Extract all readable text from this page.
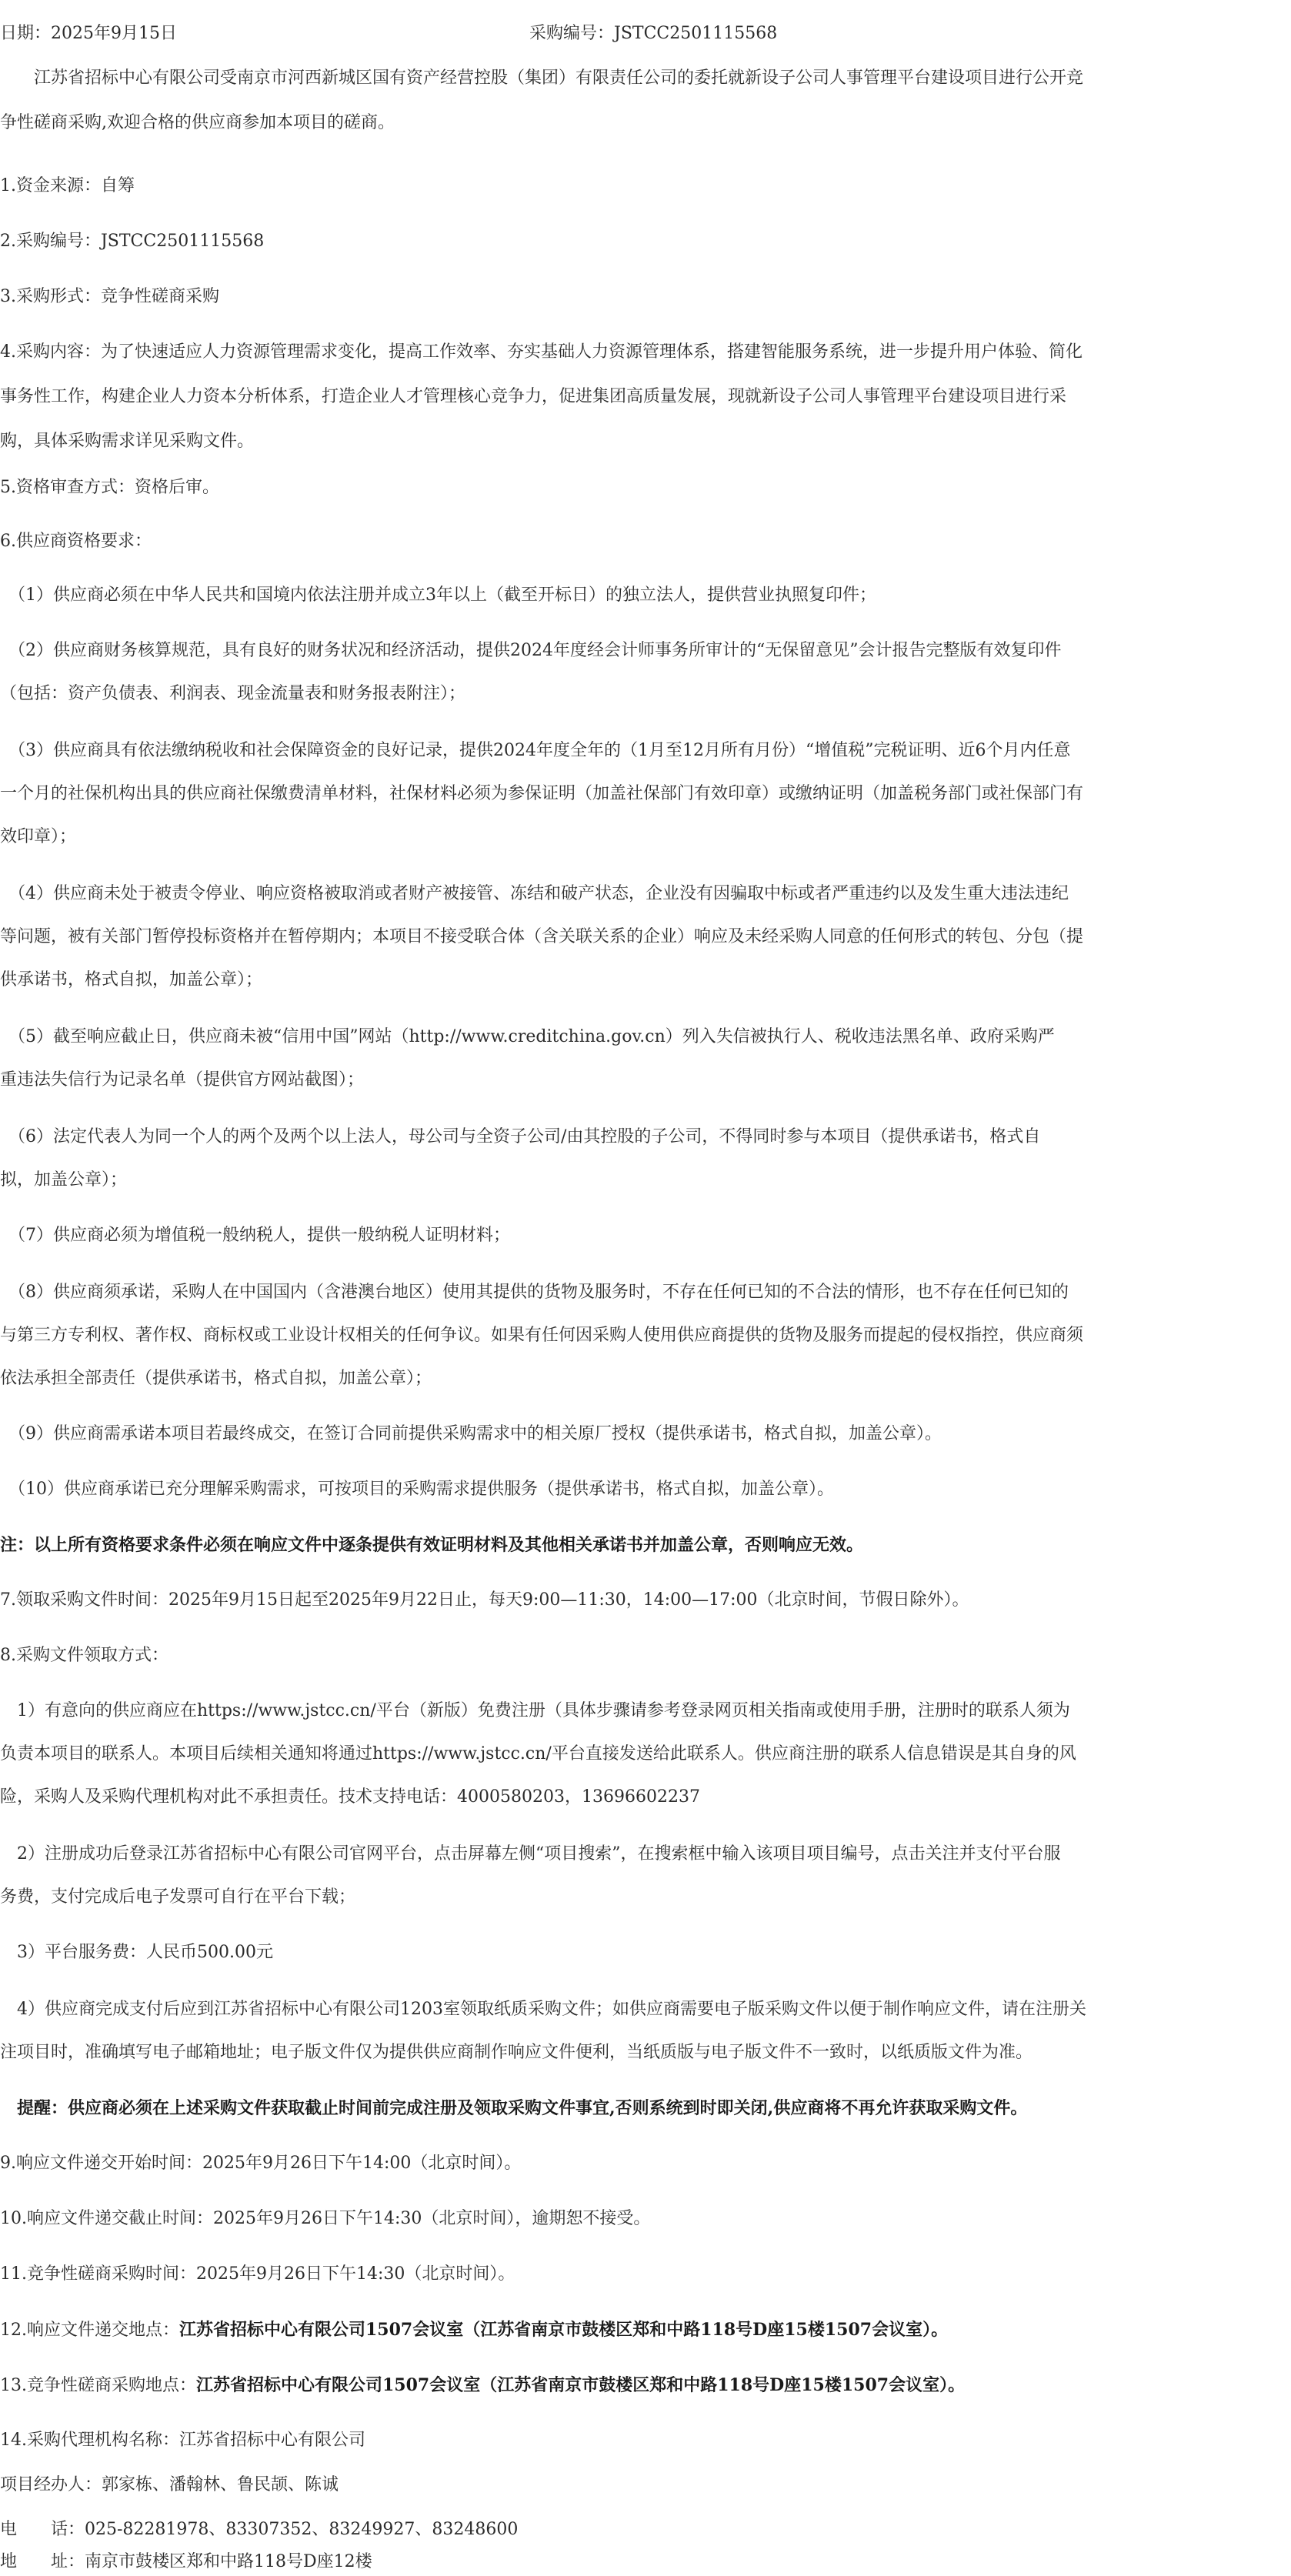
日期：2025年9月15日	采购编号：JSTCC2501115568

　　江苏省招标中心有限公司受南京市河西新城区国有资产经营控股（集团）有限责任公司的委托就新设子公司人事管理平台建设项目进行公开竞

争性磋商采购,欢迎合格的供应商参加本项目的磋商。

1.资金来源：自筹

2.采购编号：JSTCC2501115568

3.采购形式：竞争性磋商采购

4.采购内容：为了快速适应人力资源管理需求变化，提高工作效率、夯实基础人力资源管理体系，搭建智能服务系统，进一步提升用户体验、简化

事务性工作，构建企业人力资本分析体系，打造企业人才管理核心竞争力，促进集团高质量发展，现就新设子公司人事管理平台建设项目进行采

购，具体采购需求详见采购文件。

5.资格审查方式：资格后审。

6.供应商资格要求：

　（1）供应商必须在中华人民共和国境内依法注册并成立3年以上（截至开标日）的独立法人，提供营业执照复印件；

　（2）供应商财务核算规范，具有良好的财务状况和经济活动，提供2024年度经会计师事务所审计的“无保留意见”会计报告完整版有效复印件

（包括：资产负债表、利润表、现金流量表和财务报表附注）；

　（3）供应商具有依法缴纳税收和社会保障资金的良好记录，提供2024年度全年的（1月至12月所有月份）“增值税”完税证明、近6个月内任意

一个月的社保机构出具的供应商社保缴费清单材料，社保材料必须为参保证明（加盖社保部门有效印章）或缴纳证明（加盖税务部门或社保部门有

效印章）；

　（4）供应商未处于被责令停业、响应资格被取消或者财产被接管、冻结和破产状态，企业没有因骗取中标或者严重违约以及发生重大违法违纪

等问题，被有关部门暂停投标资格并在暂停期内；本项目不接受联合体（含关联关系的企业）响应及未经采购人同意的任何形式的转包、分包（提

供承诺书，格式自拟，加盖公章）；

　（5）截至响应截止日，供应商未被“信用中国”网站（http://www.creditchina.gov.cn）列入失信被执行人、税收违法黑名单、政府采购严

重违法失信行为记录名单（提供官方网站截图）；

　（6）法定代表人为同一个人的两个及两个以上法人，母公司与全资子公司/由其控股的子公司，不得同时参与本项目（提供承诺书，格式自

拟，加盖公章）；

　（7）供应商必须为增值税一般纳税人，提供一般纳税人证明材料；

　（8）供应商须承诺，采购人在中国国内（含港澳台地区）使用其提供的货物及服务时，不存在任何已知的不合法的情形，也不存在任何已知的

与第三方专利权、著作权、商标权或工业设计权相关的任何争议。如果有任何因采购人使用供应商提供的货物及服务而提起的侵权指控，供应商须

依法承担全部责任（提供承诺书，格式自拟，加盖公章）；

　（9）供应商需承诺本项目若最终成交，在签订合同前提供采购需求中的相关原厂授权（提供承诺书，格式自拟，加盖公章）。

　（10）供应商承诺已充分理解采购需求，可按项目的采购需求提供服务（提供承诺书，格式自拟，加盖公章）。

注：以上所有资格要求条件必须在响应文件中逐条提供有效证明材料及其他相关承诺书并加盖公章，否则响应无效。

7.领取采购文件时间：2025年9月15日起至2025年9月22日止，每天9:00—11:30，14:00—17:00（北京时间，节假日除外）。

8.采购文件领取方式：

　1）有意向的供应商应在https://www.jstcc.cn/平台（新版）免费注册（具体步骤请参考登录网页相关指南或使用手册，注册时的联系人须为

负责本项目的联系人。本项目后续相关通知将通过https://www.jstcc.cn/平台直接发送给此联系人。供应商注册的联系人信息错误是其自身的风

险，采购人及采购代理机构对此不承担责任。技术支持电话：4000580203，13696602237

　2）注册成功后登录江苏省招标中心有限公司官网平台，点击屏幕左侧“项目搜索”，在搜索框中输入该项目项目编号，点击关注并支付平台服

务费，支付完成后电子发票可自行在平台下载；

　3）平台服务费：人民币500.00元

　4）供应商完成支付后应到江苏省招标中心有限公司1203室领取纸质采购文件；如供应商需要电子版采购文件以便于制作响应文件，请在注册关

注项目时，准确填写电子邮箱地址；电子版文件仅为提供供应商制作响应文件便利，当纸质版与电子版文件不一致时，以纸质版文件为准。

　提醒：供应商必须在上述采购文件获取截止时间前完成注册及领取采购文件事宜,否则系统到时即关闭,供应商将不再允许获取采购文件。

9.响应文件递交开始时间：2025年9月26日下午14:00（北京时间）。

10.响应文件递交截止时间：2025年9月26日下午14:30（北京时间），逾期恕不接受。

11.竞争性磋商采购时间：2025年9月26日下午14:30（北京时间）。

12.响应文件递交地点：江苏省招标中心有限公司1507会议室（江苏省南京市鼓楼区郑和中路118号D座15楼1507会议室）。

13.竞争性磋商采购地点：江苏省招标中心有限公司1507会议室（江苏省南京市鼓楼区郑和中路118号D座15楼1507会议室）。

14.采购代理机构名称：江苏省招标中心有限公司

项目经办人：郭家栋、潘翰林、鲁民颉、陈诚

电　　话：025-82281978、83307352、83249927、83248600

地　　址：南京市鼓楼区郑和中路118号D座12楼
